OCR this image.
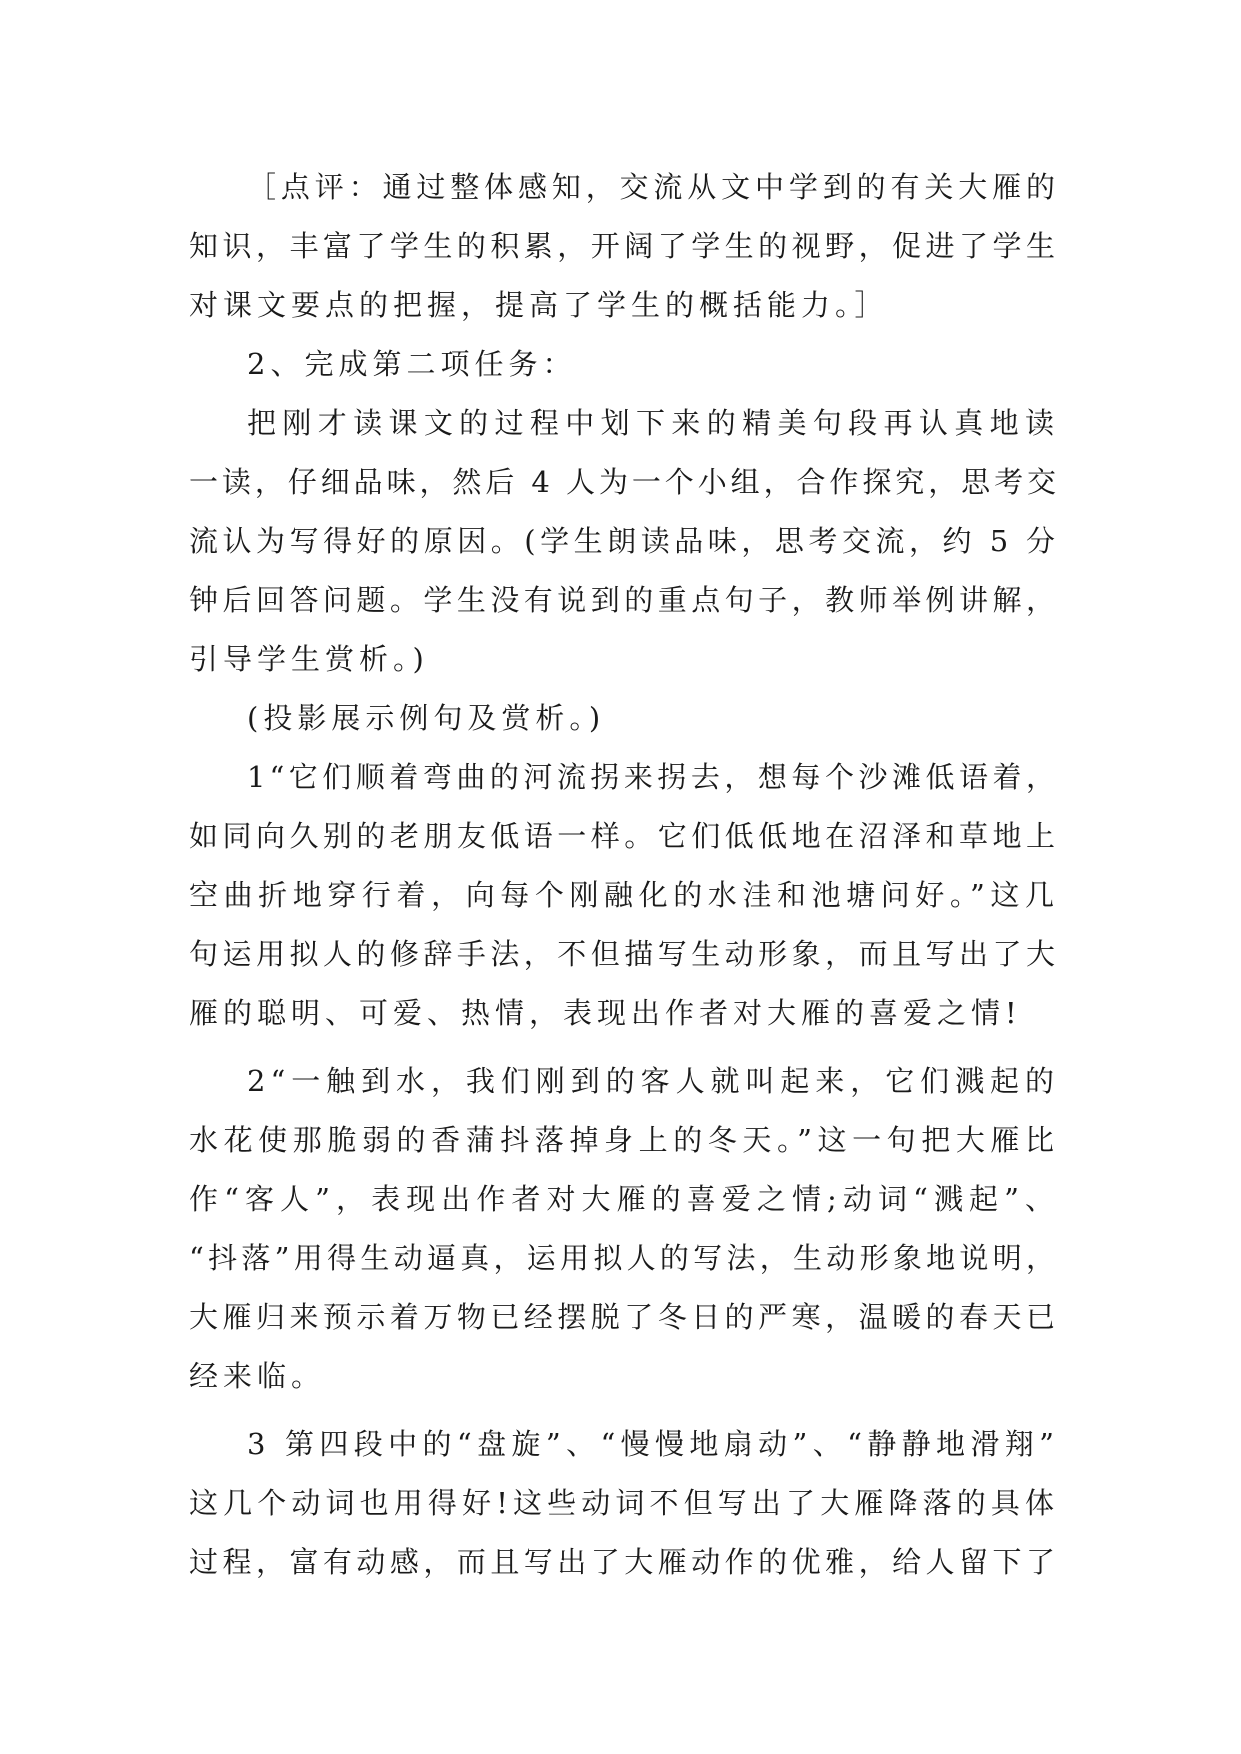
［点评：通过整体感知，交流从文中学到的有关大雁的
知识，丰富了学生的积累，开阔了学生的视野，促进了学生
对课文要点的把握，提高了学生的概括能力。］
2、完成第二项任务：
把刚才读课文的过程中划下来的精美句段再认真地读
一读，仔细品味，然后 4 人为一个小组，合作探究，思考交
流认为写得好的原因。(学生朗读品味，思考交流，约 5 分
钟后回答问题。学生没有说到的重点句子，教师举例讲解，
引导学生赏析。)
(投影展示例句及赏析。)
1“它们顺着弯曲的河流拐来拐去，想每个沙滩低语着，
如同向久别的老朋友低语一样。它们低低地在沼泽和草地上
空曲折地穿行着，向每个刚融化的水洼和池塘问好。”这几
句运用拟人的修辞手法，不但描写生动形象，而且写出了大
雁的聪明、可爱、热情，表现出作者对大雁的喜爱之情!
2“一触到水，我们刚到的客人就叫起来，它们溅起的
水花使那脆弱的香蒲抖落掉身上的冬天。”这一句把大雁比
作“客人”，表现出作者对大雁的喜爱之情;动词“溅起”、
“抖落”用得生动逼真，运用拟人的写法，生动形象地说明，
大雁归来预示着万物已经摆脱了冬日的严寒，温暖的春天已
经来临。
3 第四段中的“盘旋”、“慢慢地扇动”、“静静地滑翔”
这几个动词也用得好!这些动词不但写出了大雁降落的具体
过程，富有动感，而且写出了大雁动作的优雅，给人留下了
